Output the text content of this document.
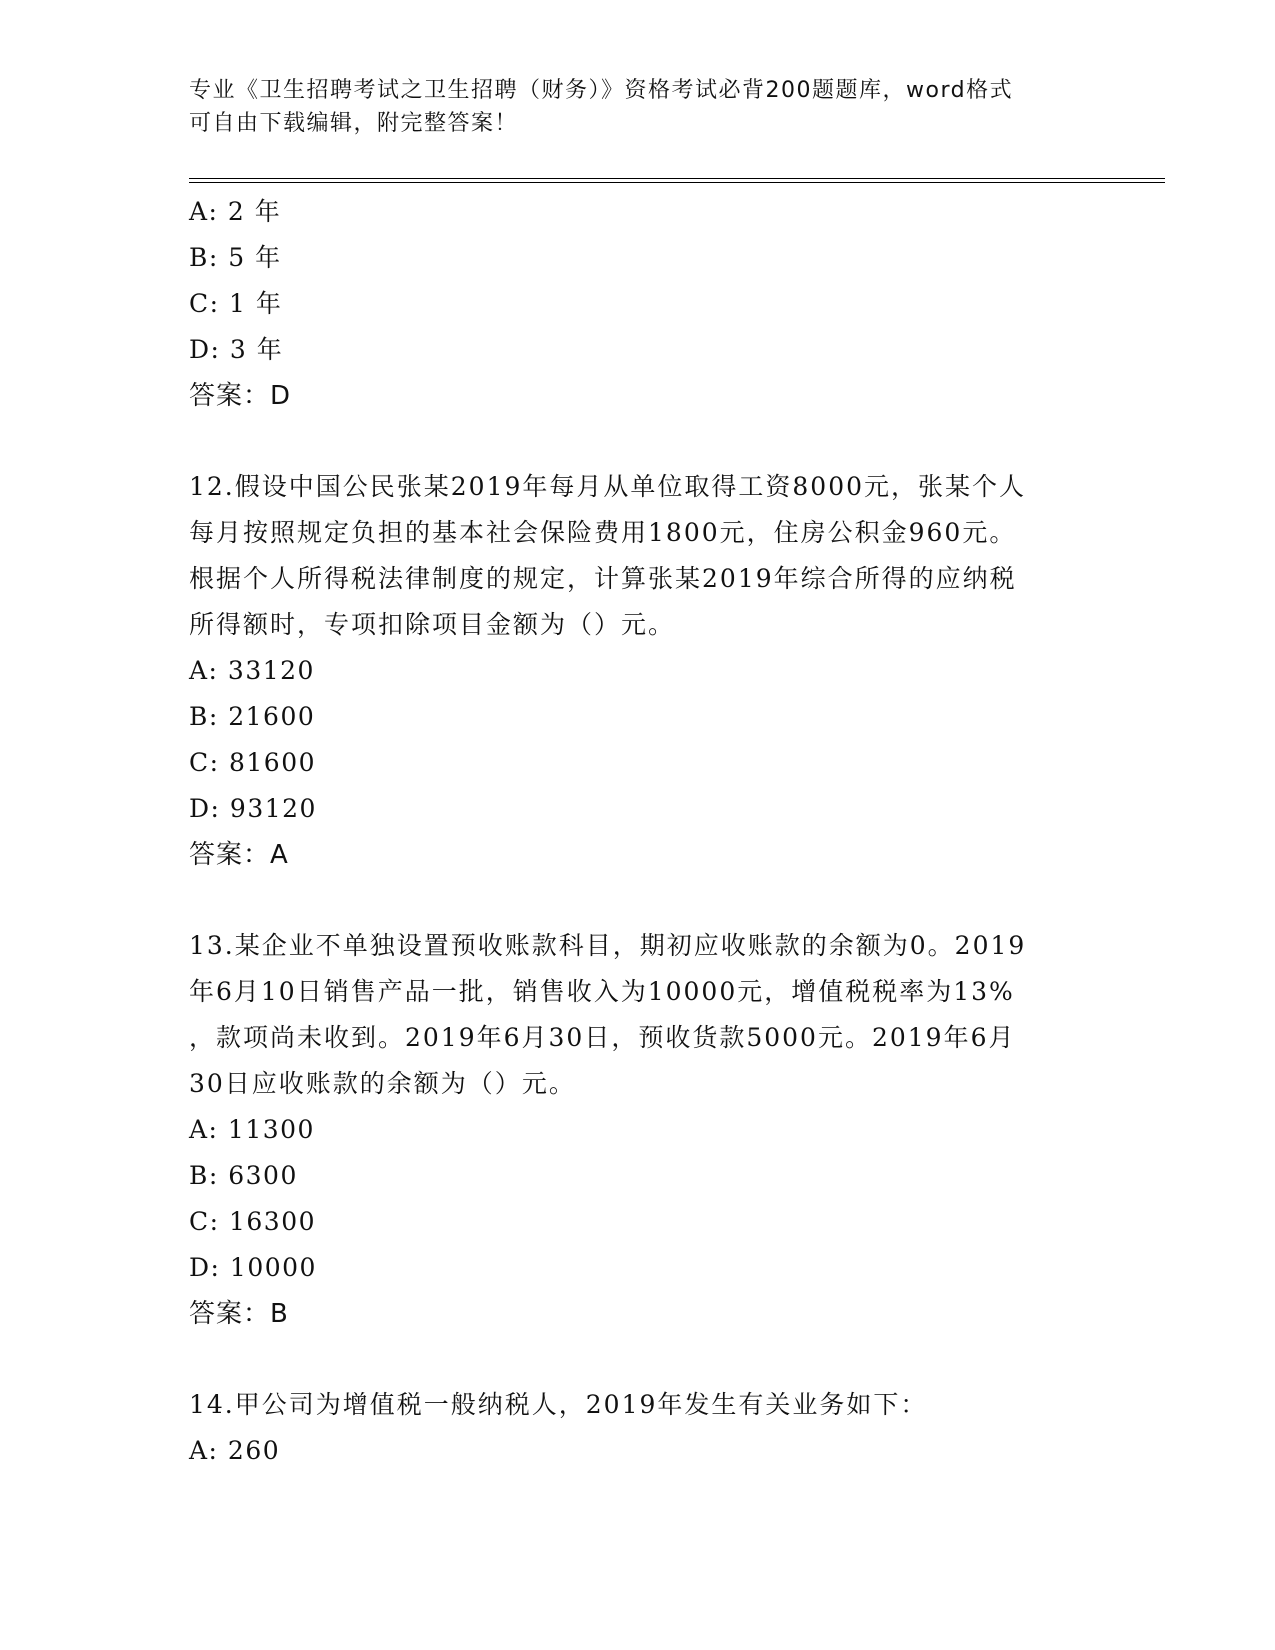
专业《卫生招聘考试之卫生招聘（财务）》资格考试必背200题题库，word格式
可自由下载编辑，附完整答案！
A: 2 年
B: 5 年
C: 1 年
D: 3 年
答案：D
12.假设中国公民张某2019年每月从单位取得工资8000元，张某个人
每月按照规定负担的基本社会保险费用1800元，住房公积金960元。
根据个人所得税法律制度的规定，计算张某2019年综合所得的应纳税
所得额时，专项扣除项目金额为（）元。
A: 33120
B: 21600
C: 81600
D: 93120
答案：A
13.某企业不单独设置预收账款科目，期初应收账款的余额为0。2019
年6月10日销售产品一批，销售收入为10000元，增值税税率为13%
，款项尚未收到。2019年6月30日，预收货款5000元。2019年6月
30日应收账款的余额为（）元。
A: 11300
B: 6300
C: 16300
D: 10000
答案：B
14.甲公司为增值税一般纳税人，2019年发生有关业务如下：
A: 260
